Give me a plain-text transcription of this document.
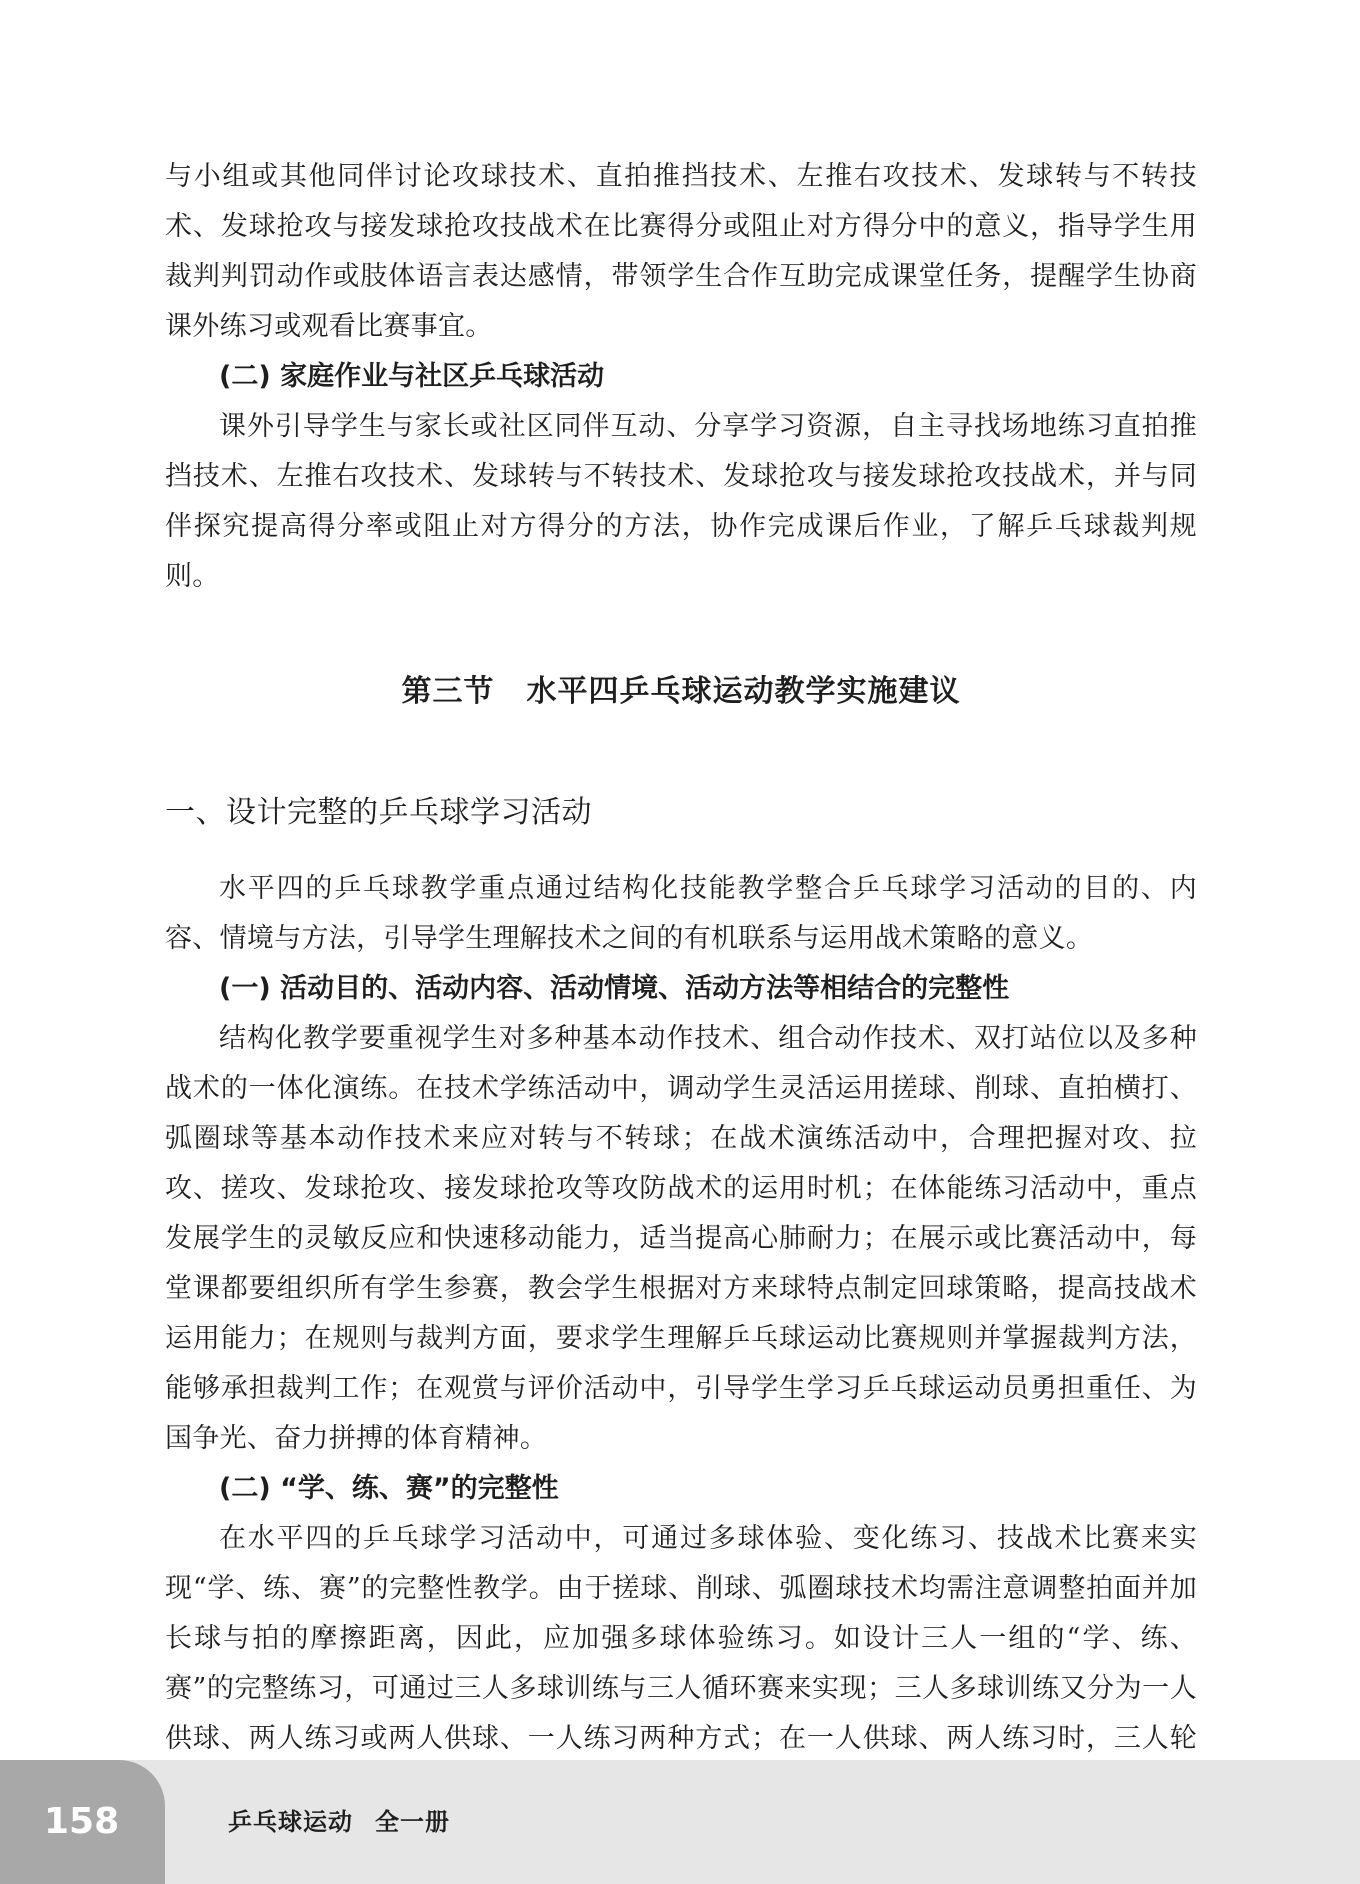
与小组或其他同伴讨论攻球技术、直拍推挡技术、左推右攻技术、发球转与不转技术、发球抢攻与接发球抢攻技战术在比赛得分或阻止对方得分中的意义，指导学生用裁判判罚动作或肢体语言表达感情，带领学生合作互助完成课堂任务，提醒学生协商课外练习或观看比赛事宜。

(二) 家庭作业与社区乒乓球活动

课外引导学生与家长或社区同伴互动、分享学习资源，自主寻找场地练习直拍推挡技术、左推右攻技术、发球转与不转技术、发球抢攻与接发球抢攻技战术，并与同伴探究提高得分率或阻止对方得分的方法，协作完成课后作业，了解乒乓球裁判规则。

第三节 水平四乒乓球运动教学实施建议
一、设计完整的乒乓球学习活动

水平四的乒乓球教学重点通过结构化技能教学整合乒乓球学习活动的目的、内容、情境与方法，引导学生理解技术之间的有机联系与运用战术策略的意义。

(一) 活动目的、活动内容、活动情境、活动方法等相结合的完整性

结构化教学要重视学生对多种基本动作技术、组合动作技术、双打站位以及多种战术的一体化演练。在技术学练活动中，调动学生灵活运用搓球、削球、直拍横打、弧圈球等基本动作技术来应对转与不转球；在战术演练活动中，合理把握对攻、拉攻、搓攻、发球抢攻、接发球抢攻等攻防战术的运用时机；在体能练习活动中，重点发展学生的灵敏反应和快速移动能力，适当提高心肺耐力；在展示或比赛活动中，每堂课都要组织所有学生参赛，教会学生根据对方来球特点制定回球策略，提高技战术运用能力；在规则与裁判方面，要求学生理解乒乓球运动比赛规则并掌握裁判方法，能够承担裁判工作；在观赏与评价活动中，引导学生学习乒乓球运动员勇担重任、为国争光、奋力拼搏的体育精神。

(二) “学、练、赛”的完整性

在水平四的乒乓球学习活动中，可通过多球体验、变化练习、技战术比赛来实现“学、练、赛”的完整性教学。由于搓球、削球、弧圈球技术均需注意调整拍面并加长球与拍的摩擦距离，因此，应加强多球体验练习。如设计三人一组的“学、练、赛”的完整练习，可通过三人多球训练与三人循环赛来实现；三人多球训练又分为一人供球、两人练习或两人供球、一人练习两种方式；在一人供球、两人练习时，三人轮

158	乒乓球运动 全一册
